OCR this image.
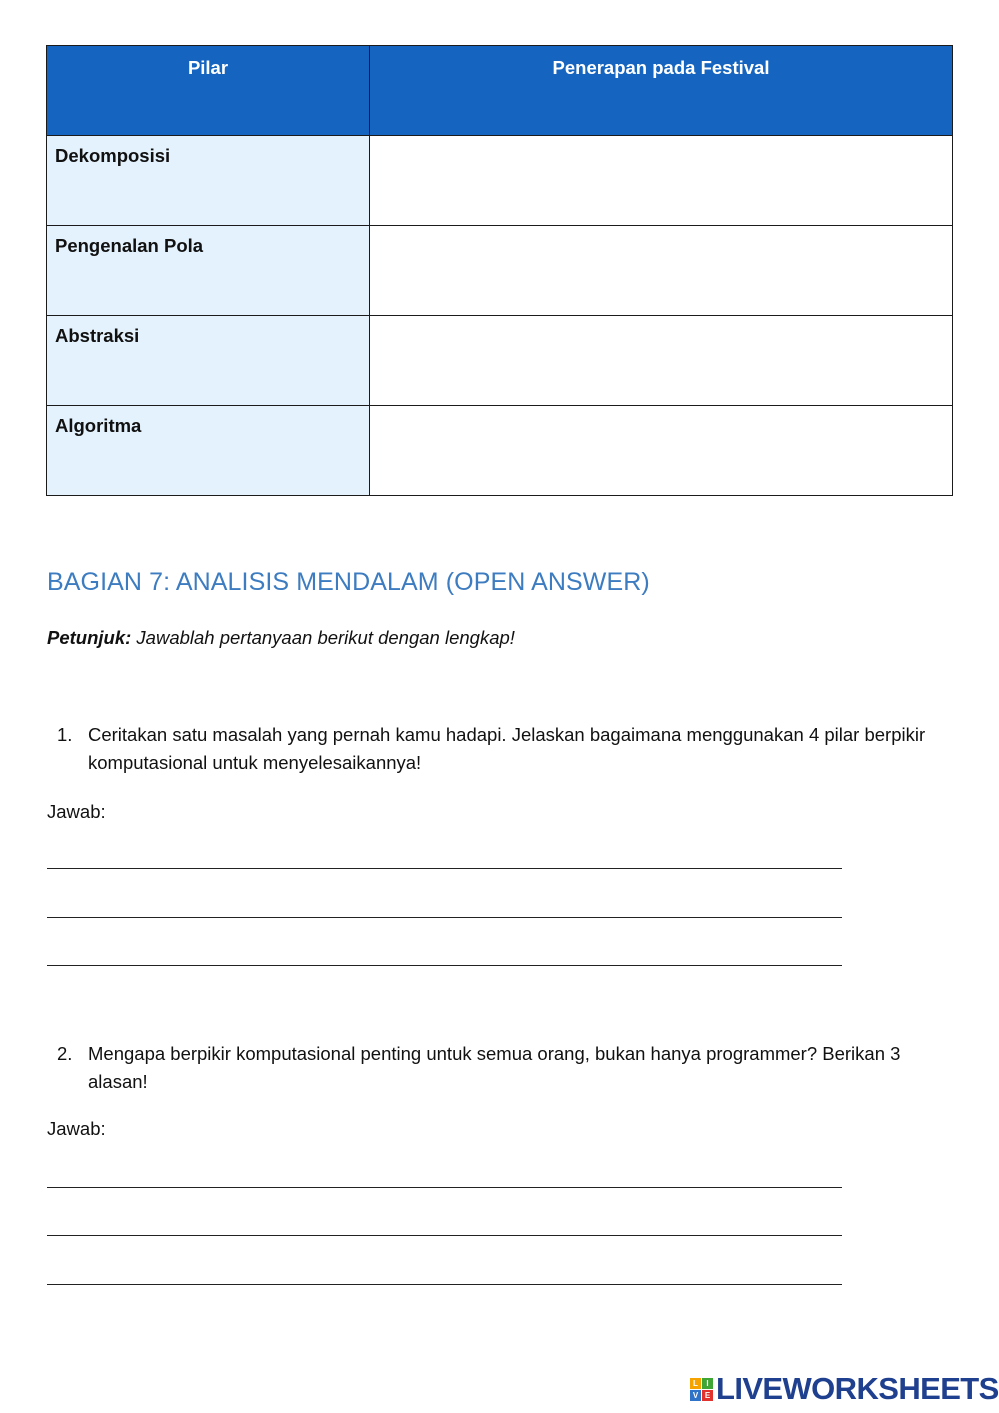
Pilar	Penerapan pada Festival
Dekomposisi	
Pengenalan Pola	
Abstraksi	
Algoritma	
BAGIAN 7: ANALISIS MENDALAM (OPEN ANSWER)

Petunjuk: Jawablah pertanyaan berikut dengan lengkap!

1. Ceritakan satu masalah yang pernah kamu hadapi. Jelaskan bagaimana menggunakan 4 pilar berpikir komputasional untuk menyelesaikannya!
Jawab:
2. Mengapa berpikir komputasional penting untuk semua orang, bukan hanya programmer? Berikan 3 alasan!
Jawab:
L	I
V E LIVEWORKSHEETS
